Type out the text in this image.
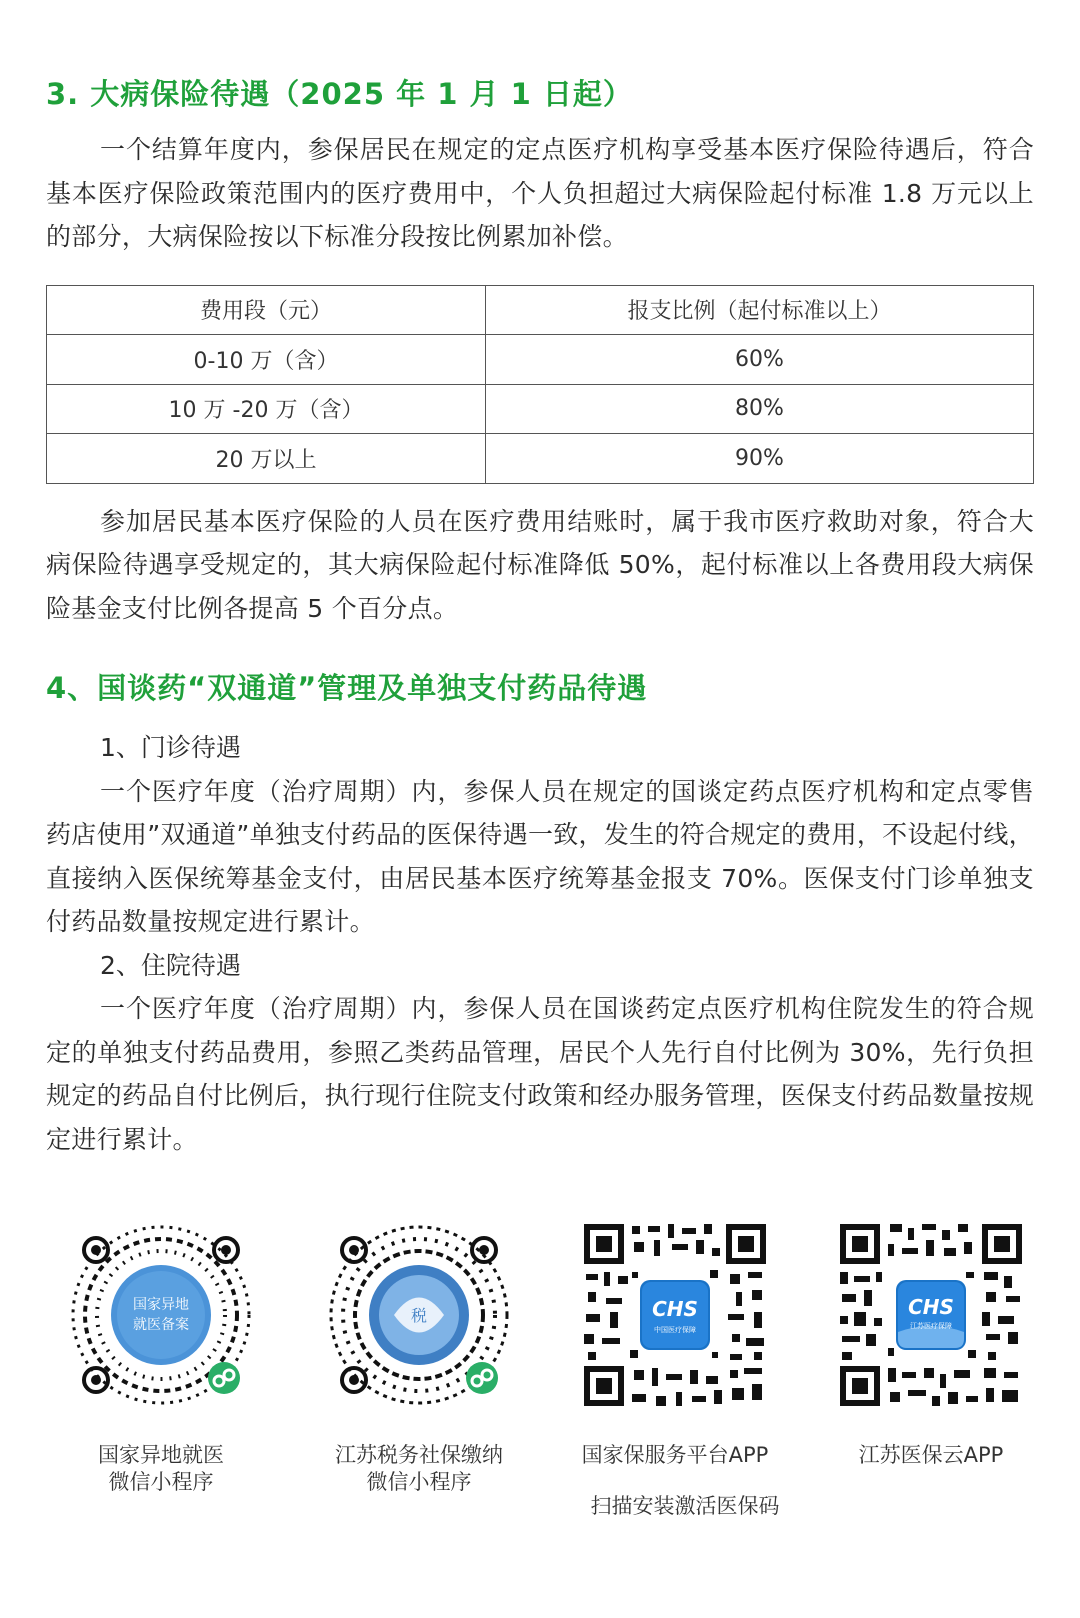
3. 大病保险待遇（2025 年 1 月 1 日起）

一个结算年度内，参保居民在规定的定点医疗机构享受基本医疗保险待遇后，符合基本医疗保险政策范围内的医疗费用中，个人负担超过大病保险起付标准 1.8 万元以上的部分，大病保险按以下标准分段按比例累加补偿。

费用段（元）	报支比例（起付标准以上）
0-10 万（含）	60%
10 万 -20 万（含）	80%
20 万以上	90%

参加居民基本医疗保险的人员在医疗费用结账时，属于我市医疗救助对象，符合大病保险待遇享受规定的，其大病保险起付标准降低 50%，起付标准以上各费用段大病保险基金支付比例各提高 5 个百分点。

4、国谈药“双通道”管理及单独支付药品待遇

1、门诊待遇

一个医疗年度（治疗周期）内，参保人员在规定的国谈定药点医疗机构和定点零售药店使用”双通道”单独支付药品的医保待遇一致，发生的符合规定的费用，不设起付线，直接纳入医保统筹基金支付，由居民基本医疗统筹基金报支 70%。医保支付门诊单独支付药品数量按规定进行累计。

2、住院待遇

一个医疗年度（治疗周期）内，参保人员在国谈药定点医疗机构住院发生的符合规定的单独支付药品费用，参照乙类药品管理，居民个人先行自付比例为 30%，先行负担规定的药品自付比例后，执行现行住院支付政策和经办服务管理，医保支付药品数量按规定进行累计。

国家异地
就医备案
国家异地就医
微信小程序
税
江苏税务社保缴纳
微信小程序
CHS
中国医疗保障
国家保服务平台APP
CHS
江苏医疗保障
江苏医保云APP
扫描安装激活医保码
